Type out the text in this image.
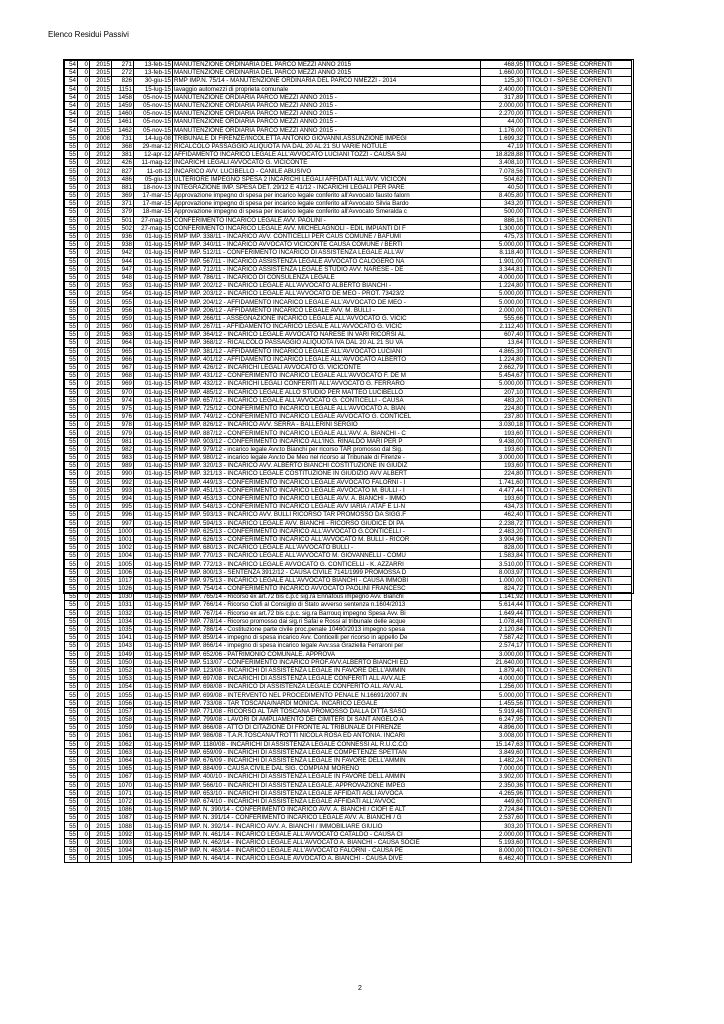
Elenco Residui Passivi
54	0	2015	271	13-feb-15	MANUTENZIONE ORDINARIA DEL PARCO MEZZI ANNO 2015	468,95	TITOLO I - SPESE CORRENTI
54	0	2015	272	13-feb-15	MANUTENZIONE ORDINARIA DEL PARCO MEZZI ANNO 2015	1.660,00	TITOLO I - SPESE CORRENTI
54	0	2015	826	30-giu-15	RMP IMP.N. 75/14 - MANUTENZIONE ORDINARIA DEL PARCO NMEZZI - 2014	125,30	TITOLO I - SPESE CORRENTI
54	0	2015	1151	15-lug-15	lavaggio automezzi di proprieta comunale	2.400,00	TITOLO I - SPESE CORRENTI
54	0	2015	1458	05-nov-15	MANUTENZIONE ORDIARIA PARCO MEZZI ANNO 2015 -	317,89	TITOLO I - SPESE CORRENTI
54	0	2015	1459	05-nov-15	MANUTENZIONE ORDIARIA PARCO MEZZI ANNO 2015 -	2.000,00	TITOLO I - SPESE CORRENTI
54	0	2015	1460	05-nov-15	MANUTENZIONE ORDIARIA PARCO MEZZI ANNO 2015 -	2.270,00	TITOLO I - SPESE CORRENTI
54	0	2015	1461	05-nov-15	MANUTENZIONE ORDIARIA PARCO MEZZI ANNO 2015 -	44,00	TITOLO I - SPESE CORRENTI
54	0	2015	1462	05-nov-15	MANUTENZIONE ORDIARIA PARCO MEZZI ANNO 2015 -	1.176,00	TITOLO I - SPESE CORRENTI
55	0	2008	731	14-lug-08	TRIBUNALE DI FIRENZE/INCOLETTA ANTONIO GIOVANNI.ASSUNZIONE IMPEGI	1.699,32	TITOLO I - SPESE CORRENTI
55	0	2012	368	29-mar-12	RICALCOLO PASSAGGIO ALIQUOTA IVA DAL 20 AL 21 SU VARIE NOTULE	47,19	TITOLO I - SPESE CORRENTI
55	0	2012	381	12-apr-12	AFFIDAMENTO INCARICO LEGALE ALL'AVVOCATO LUCIANI TOZZI - CAUSA SAI	18.828,88	TITOLO I - SPESE CORRENTI
55	0	2012	426	11-mag-12	INCARICHI LEGALI AVVOCATO G. VICICONTE	3.408,10	TITOLO I - SPESE CORRENTI
55	0	2012	827	11-ott-12	INCARICO AVV. LUCIBELLO - CANILE ABUSIVO	7.078,56	TITOLO I - SPESE CORRENTI
55	0	2013	486	05-giu-13	ULTERIORE IMPEGNO SPESA 2 INCARICHI LEGALI AFFIDATI ALL'AVV. VICICON	504,62	TITOLO I - SPESE CORRENTI
55	0	2013	881	18-nov-13	INTEGRAZIONE IMP. SPESA DET. 29/12 E 41/12 - INCARICHI LEGALI PER PARE	40,50	TITOLO I - SPESE CORRENTI
55	0	2015	369	17-mar-15	Approvazione impegno di spesa per incarico legale conferito all'Avvocato fausto falorn	8.405,80	TITOLO I - SPESE CORRENTI
55	0	2015	371	17-mar-15	Approvazione impegno di spesa per incarico legale conferito all'Avvocato Silvia Bardo	343,20	TITOLO I - SPESE CORRENTI
55	0	2015	379	18-mar-15	Approvazione impegno di spesa per incarico legale conferito all'Avvocato Smeralda c	500,00	TITOLO I - SPESE CORRENTI
55	0	2015	501	27-mag-15	CONFERIMENTO INCARICO LEGALE AVV. PAOLINI -	886,16	TITOLO I - SPESE CORRENTI
55	0	2015	502	27-mag-15	CONFERIMENTO INCARICO LEGALE AVV. MICHELAGNOLI - EDIL IMPIANTI DI F	1.300,00	TITOLO I - SPESE CORRENTI
55	0	2015	936	01-lug-15	RMP IMP. 338/11 - INCARICO AVV. CONTICELLI PER CAUS COMUNE / BAFUMI	475,73	TITOLO I - SPESE CORRENTI
55	0	2015	938	01-lug-15	RMP IMP. 340/11 - INCARICO AVVOCATO VICICONTE CAUSA COMUNE / BERTI	5.000,00	TITOLO I - SPESE CORRENTI
55	0	2015	942	01-lug-15	RMP IMP. 512/11 - CONFERIMENTO INCARICO DI ASSISTENZA LEGALE ALL'AV	8.118,40	TITOLO I - SPESE CORRENTI
55	0	2015	944	01-lug-15	RMP IMP. 567/11 - INCARICO ASSISTENZA LEGALE AVVOCATO CALOGERO NA	1.901,00	TITOLO I - SPESE CORRENTI
55	0	2015	947	01-lug-15	RMP IMP. 712/11 - INCARICO ASSISTENZA LEGALE STUDIO AVV. NARESE - DE	3.344,81	TITOLO I - SPESE CORRENTI
55	0	2015	948	01-lug-15	RMP IMP. 786/11 - INCARICO DI CONSULENZA LEGALE	4.000,00	TITOLO I - SPESE CORRENTI
55	0	2015	953	01-lug-15	RMP IMP. 202/12 - INCARICO LEGALE ALL'AVVOCATO ALBERTO BIANCHI -	1.224,80	TITOLO I - SPESE CORRENTI
55	0	2015	954	01-lug-15	RMP IMP. 203/12 - INCARICO LEGALE ALL'AVVOCATO DE MEO - PROT. 73423/2	5.000,00	TITOLO I - SPESE CORRENTI
55	0	2015	955	01-lug-15	RMP IMP. 204/12 - AFFIDAMENTO INCARICO LEGALE ALL'AVVOCATO DE MEO -	5.000,00	TITOLO I - SPESE CORRENTI
55	0	2015	956	01-lug-15	RMP IMP. 206/12 - AFFIDAMENTO INCARICO LEGALE AVV. M. BULLI -	2.000,00	TITOLO I - SPESE CORRENTI
55	0	2015	959	01-lug-15	RMP IMP. 266/11 - ASSEGNAZIONE INCARICO LEGALE ALL'AVVOCATO G. VICIC	555,66	TITOLO I - SPESE CORRENTI
55	0	2015	960	01-lug-15	RMP IMP. 267/11 - AFFIDAMENTO INCARICO LEGALE ALL'AVVOCATO G. VICIC	2.112,40	TITOLO I - SPESE CORRENTI
55	0	2015	963	01-lug-15	RMP IMP. 364/12 - INCARICO LEGALE AVVOCATO NARESE IN VARI RICORSI AL	607,40	TITOLO I - SPESE CORRENTI
55	0	2015	964	01-lug-15	RMP IMP. 368/12 - RICALCOLO PASSAGGIO ALIQUOTA IVA DAL 20 AL 21 SU VA	13,64	TITOLO I - SPESE CORRENTI
55	0	2015	965	01-lug-15	RMP IMP. 381/12 - AFFIDAMENTO INCARICO LEGALE ALL'AVVOCATO LUCIANI	4.865,39	TITOLO I - SPESE CORRENTI
55	0	2015	966	01-lug-15	RMP IMP. 401/12 - AFFIDAMENTO INCARICO LEGALE ALL'AVVOCATO ALBERTO	1.224,80	TITOLO I - SPESE CORRENTI
55	0	2015	967	01-lug-15	RMP IMP. 426/12 - INCARICHI LEGALI AVVOCATO G. VICICONTE	2.662,79	TITOLO I - SPESE CORRENTI
55	0	2015	968	01-lug-15	RMP IMP. 431/12 - CONFERIMENTO INCARICO LEGALE ALL'AVVOCATO F. DE M	5.454,67	TITOLO I - SPESE CORRENTI
55	0	2015	969	01-lug-15	RMP IMP. 432/12 - INCARICHI LEGALI CONFERITI ALL'AVVOCATO G. FERRARO	5.000,00	TITOLO I - SPESE CORRENTI
55	0	2015	970	01-lug-15	RMP IMP. 485/12 - INCARICO LEGALE ALLO STUDIO PER MATTEO LUCIBELLO	207,10	TITOLO I - SPESE CORRENTI
55	0	2015	974	01-lug-15	RMP IMP. 657/12 - INCARICO LEGALE ALL'AVVOCATO G. CONTICELLI - CAUSA	483,20	TITOLO I - SPESE CORRENTI
55	0	2015	975	01-lug-15	RMP IMP. 725/12 - CONFERIMENTO INCARICO LEGALE ALL'AVVOCATO A. BIAN	224,80	TITOLO I - SPESE CORRENTI
55	0	2015	976	01-lug-15	RMP IMP. 749/12 - CONFERIMENTO INCARICO LEGALE AVVOCATO G. CONTICEL	237,80	TITOLO I - SPESE CORRENTI
55	0	2015	978	01-lug-15	RMP IMP. 826/12 - INCARICO AVV. SERRA - BALLERINI SERGIO	3.030,18	TITOLO I - SPESE CORRENTI
55	0	2015	979	01-lug-15	RMP IMP. 887/12 - CONFERIMENTO INCARICO LEGALE ALL'AVV. A. BIANCHI - C	193,60	TITOLO I - SPESE CORRENTI
55	0	2015	981	01-lug-15	RMP IMP. 903/12 - CONFERIMENTO INCARICO ALL'ING. RINALDO MARI PER P	9.438,00	TITOLO I - SPESE CORRENTI
55	0	2015	982	01-lug-15	RMP IMP. 979/12 - incarico legale Avv.to Bianchi per ricorso TAR promosso dal Sig.	193,60	TITOLO I - SPESE CORRENTI
55	0	2015	983	01-lug-15	RMP IMP. 980/12 - incarico legale Avv.to De Meo nel ricorso al Tribunale di Firenze -	3.000,00	TITOLO I - SPESE CORRENTI
55	0	2015	989	01-lug-15	RMP IMP. 320/13 - INCARICO AVV. ALBERTO BIANCHI COSTITUZIONE IN GIUDIZ	193,60	TITOLO I - SPESE CORRENTI
55	0	2015	990	01-lug-15	RMP IMP. 321/13 - INCARICO LEGALE COSTITUZIONE IN GIUDIZIO AVV ALBERT	224,80	TITOLO I - SPESE CORRENTI
55	0	2015	992	01-lug-15	RMP IMP. 449/13 - CONFERIMENTO INCARICO LEGALE AVVOCATO FALORNI - I	1.741,60	TITOLO I - SPESE CORRENTI
55	0	2015	993	01-lug-15	RMP IMP. 451/13 - CONFERIMENTO INCARICO LEGALE AVVOCATO M. BULLI - I	4.477,44	TITOLO I - SPESE CORRENTI
55	0	2015	994	01-lug-15	RMP IMP. 453/13 - CONFERIMENTO INCARICO LEGALE AVV. A. BIANCHI - IMMO	193,60	TITOLO I - SPESE CORRENTI
55	0	2015	995	01-lug-15	RMP IMP. 548/13 - CONFERIMENTO INCARICO LEGALE AVV IARIA / ATAF E LI-N	434,73	TITOLO I - SPESE CORRENTI
55	0	2015	996	01-lug-15	RMP IMP. 593/13 - INCARICO AVV. BULLI RICORSO TAR PROMOSSO DA SIGG.F	462,40	TITOLO I - SPESE CORRENTI
55	0	2015	997	01-lug-15	RMP IMP. 594/13 - INCARICO LEGALE AVV. BIANCHI - RICORSO GIUDICE DI PA	2.238,72	TITOLO I - SPESE CORRENTI
55	0	2015	1000	01-lug-15	RMP IMP. 625/13 - CONFERIMENTO INCARICO ALL'AVVOCATO G.CONTICELLI -	2.483,20	TITOLO I - SPESE CORRENTI
55	0	2015	1001	01-lug-15	RMP IMP. 626/13 - CONFERIMENTO INCARICO ALL'AVVOCATO M. BULLI - RICOR	3.904,96	TITOLO I - SPESE CORRENTI
55	0	2015	1002	01-lug-15	RMP IMP. 680/13 - INCARICO LEGALE ALL'AVVOCATO BULLI -	828,00	TITOLO I - SPESE CORRENTI
55	0	2015	1004	01-lug-15	RMP IMP. 770/13 - INCARICO LEGALE ALL'AVVOCATO M. GIOVANNELLI - COMU	1.583,84	TITOLO I - SPESE CORRENTI
55	0	2015	1005	01-lug-15	RMP IMP. 772/13 - INCARICO LEGALE AVVOCATO G. CONTICELLI - K. AZZARRI	3.510,00	TITOLO I - SPESE CORRENTI
55	0	2015	1006	01-lug-15	RMP IMP. 800/13 - SENTENZA 3912/12 - CAUSA CIVILE 7141/1999 PROMOSSA D	8.003,97	TITOLO I - SPESE CORRENTI
55	0	2015	1017	01-lug-15	RMP IMP. 975/13 - INCARICO LEGALE ALL'AVVOCATO BIANCHI - CAUSA IMMOBI	1.000,00	TITOLO I - SPESE CORRENTI
55	0	2015	1026	01-lug-15	RMP IMP. 754/14 - CONFERIMENTO INCARICO AVVOCATO PAOLINI FRANCESC	824,72	TITOLO I - SPESE CORRENTI
55	0	2015	1030	01-lug-15	RMP IMP. 765/14 - Ricorso ex art.72 bis c.p.c sig.ra Ennatous impegno Avv. Bianchi	1.141,92	TITOLO I - SPESE CORRENTI
55	0	2015	1031	01-lug-15	RMP IMP. 766/14 - Ricorso Ciofi al Consiglio di Stato avverso sentenza n.1604/2013	5.614,44	TITOLO I - SPESE CORRENTI
55	0	2015	1032	01-lug-15	RMP IMP. 767/14 - Ricorso ex art.72 bis c.p.c. sig.ra Barrouq impegno Spesa Avv. Bi	1.649,44	TITOLO I - SPESE CORRENTI
55	0	2015	1034	01-lug-15	RMP IMP. 778/14 - Ricorso promosso dai sig.ri Safai e Rossi al tribunale delle acque	1.078,48	TITOLO I - SPESE CORRENTI
55	0	2015	1035	01-lug-15	RMP IMP. 786/14 - Costituzione parte civile proc.penale 10460/2013 impegno spesa	2.120,84	TITOLO I - SPESE CORRENTI
55	0	2015	1041	01-lug-15	RMP IMP. 859/14 - impegno di spesa incarico Avv. Conticelli per ricorso in appello De	7.587,42	TITOLO I - SPESE CORRENTI
55	0	2015	1043	01-lug-15	RMP IMP. 866/14 - impegno di spesa incarico legale Avv.ssa Graziella Ferraroni per	2.574,17	TITOLO I - SPESE CORRENTI
55	0	2015	1049	01-lug-15	RMP IMP. 652/06 - PATRIMONIO COMUNALE. APPROVA	3.000,00	TITOLO I - SPESE CORRENTI
55	0	2015	1050	01-lug-15	RMP IMP. 513/07 - CONFERIMENTO INCARICO PROF.AVV.ALBERTO BIANCHI ED	21.640,00	TITOLO I - SPESE CORRENTI
55	0	2015	1052	01-lug-15	RMP IMP. 123/08 - INCARICHI DI ASSISTENZA LEGALE IN FAVORE DELL'AMMIN	1.879,40	TITOLO I - SPESE CORRENTI
55	0	2015	1053	01-lug-15	RMP IMP. 697/08 - INCARICHI DI ASSISTENZA LEGALE CONFERITI ALL AVV.ALE	4.000,00	TITOLO I - SPESE CORRENTI
55	0	2015	1054	01-lug-15	RMP IMP. 698/08 - INCARICO DI ASSISTENZA LEGALE CONFERITO ALL AVV.AL	1.256,00	TITOLO I - SPESE CORRENTI
55	0	2015	1055	01-lug-15	RMP IMP. 699/08 - INTERVENTO NEL PROCEDIMENTO PENALE N.16691/2007.IN	5.000,00	TITOLO I - SPESE CORRENTI
55	0	2015	1056	01-lug-15	RMP IMP. 733/08 - TAR TOSCANA/NARDI MONICA. INCARICO LEGALE	1.455,56	TITOLO I - SPESE CORRENTI
55	0	2015	1057	01-lug-15	RMP IMP. 771/08 - RICORSO AL TAR TOSCANA PROMOSSO DALLA DITTA SASO	5.919,48	TITOLO I - SPESE CORRENTI
55	0	2015	1058	01-lug-15	RMP IMP. 799/08 - LAVORI DI AMPLIAMENTO DEI CIMITERI DI SANT ANGELO A	6.247,95	TITOLO I - SPESE CORRENTI
55	0	2015	1059	01-lug-15	RMP IMP. 866/08 - ATTO DI CITAZIONE DI FRONTE AL TRIBUNALE DI FIRENZE	4.896,00	TITOLO I - SPESE CORRENTI
55	0	2015	1061	01-lug-15	RMP IMP. 986/08 - T.A.R.TOSCANA/TROTTI NICOLA ROSA ED ANTONIA. INCARI	3.008,00	TITOLO I - SPESE CORRENTI
55	0	2015	1062	01-lug-15	RMP IMP. 1180/08 - INCARICHI DI ASSISTENZA LEGALE CONNESSI AL R.U.C.CO	15.147,63	TITOLO I - SPESE CORRENTI
55	0	2015	1063	01-lug-15	RMP IMP. 659/09 - INCARICHI DI ASSISTENZA LEGALE COMPETENZE SPETTAN	3.849,60	TITOLO I - SPESE CORRENTI
55	0	2015	1064	01-lug-15	RMP IMP. 676/09 - INCARICHI DI ASSISTENZA LEGALE IN FAVORE DELL'AMMIN	1.482,24	TITOLO I - SPESE CORRENTI
55	0	2015	1065	01-lug-15	RMP IMP. 884/09 - CAUSA CIVILE DAL SIG. COMPIANI MORENO	7.000,00	TITOLO I - SPESE CORRENTI
55	0	2015	1067	01-lug-15	RMP IMP. 400/10 - INCARICHI DI ASSISTENZA LEGALE IN FAVORE DELL AMMIN	3.902,00	TITOLO I - SPESE CORRENTI
55	0	2015	1070	01-lug-15	RMP IMP. 566/10 - INCARICHI DI ASSISTENZA LEGALE. APPROVAZIONE IMPEG	2.350,36	TITOLO I - SPESE CORRENTI
55	0	2015	1071	01-lug-15	RMP IMP. 653/10 - INCARICHI DI ASSISTENZA LEGALE AFFIDATI AGLI AVVOCA	4.265,96	TITOLO I - SPESE CORRENTI
55	0	2015	1072	01-lug-15	RMP IMP. 674/10 - INCARICHI DI ASSISTENZA LEGALE AFFIDATI ALL'AVVOC	449,60	TITOLO I - SPESE CORRENTI
55	0	2015	1086	01-lug-15	RMP IMP. N. 390/14 - CONFERIMENTO INCARICO AVV. A. BIANCHI / CIOFI E ALT	2.724,84	TITOLO I - SPESE CORRENTI
55	0	2015	1087	01-lug-15	RMP IMP. N. 391/14 - CONFERIMENTO INCARICO LEGALE AVV. A. BIANCHI / G	2.537,60	TITOLO I - SPESE CORRENTI
55	0	2015	1088	01-lug-15	RMP IMP. N. 392/14 - INCARICO AVV. A. BIANCHI / IMMOBILIARE GIULIO	303,20	TITOLO I - SPESE CORRENTI
55	0	2015	1092	01-lug-15	RMP IMP. N. 461/14 - INCARICO LEGALE ALL'AVVOCATO CATALDO - CAUSA CI	2.000,00	TITOLO I - SPESE CORRENTI
55	0	2015	1093	01-lug-15	RMP IMP. N. 462/14 - INCARICO LEGALE ALL'AVVOCATO A. BIANCHI - CAUSA SOCIE	5.193,60	TITOLO I - SPESE CORRENTI
55	0	2015	1094	01-lug-15	RMP IMP. N. 463/14 - INCARICO LEGALE ALL'AVVOCATO FALORNI - CAUSA PE	8.000,00	TITOLO I - SPESE CORRENTI
55	0	2015	1095	01-lug-15	RMP IMP. N. 464/14 - INCARICO LEGALE AVVOCATO A. BIANCHI - CAUSA DIVE	6.462,40	TITOLO I - SPESE CORRENTI
2
